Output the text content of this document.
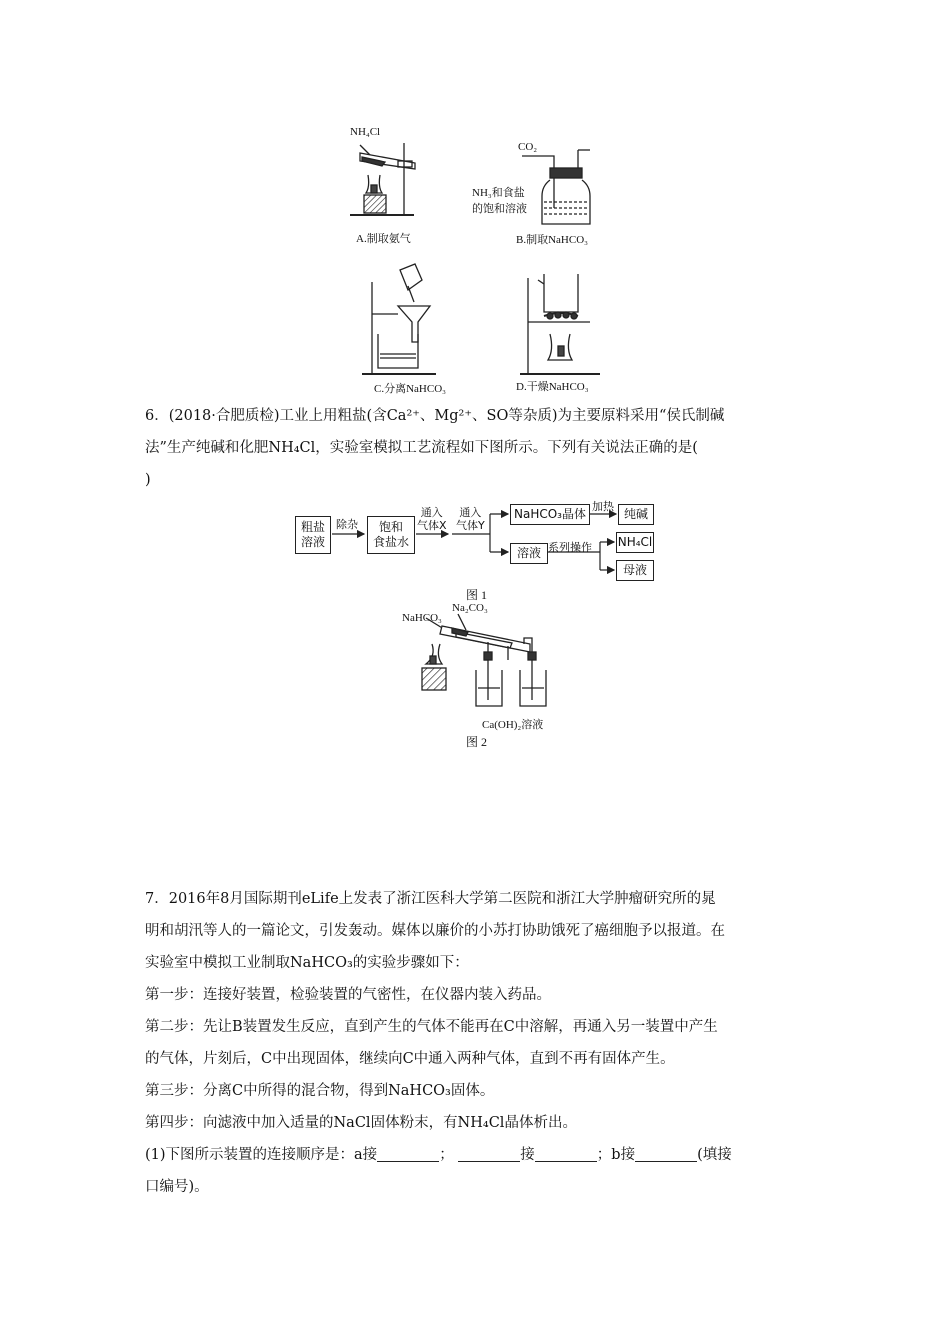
NH₄Cl
A.制取氨气
CO₂
NH₃和食盐
的饱和溶液
B.制取NaHCO₃
C.分离NaHCO₃	D.干燥NaHCO₃
6．(2018·合肥质检)工业上用粗盐(含Ca²⁺、Mg²⁺、SO等杂质)为主要原料采用“侯氏制碱
法”生产纯碱和化肥NH₄Cl，实验室模拟工艺流程如下图所示。下列有关说法正确的是(
)
粗盐
溶液
除杂	饱和
食盐水
通入
气体X
通入
气体Y
NaHCO₃晶体
加热
纯碱
溶液 系列操作 NH₄Cl
母液
图 1
NaHCO₃
Na₂CO₃
Ca(OH)₂溶液
图 2
7．2016年8月国际期刊eLife上发表了浙江医科大学第二医院和浙江大学肿瘤研究所的晁
明和胡汛等人的一篇论文，引发轰动。媒体以廉价的小苏打协助饿死了癌细胞予以报道。在
实验室中模拟工业制取NaHCO₃的实验步骤如下：
第一步：连接好装置，检验装置的气密性，在仪器内装入药品。
第二步：先让B装置发生反应，直到产生的气体不能再在C中溶解，再通入另一装置中产生
的气体，片刻后，C中出现固体，继续向C中通入两种气体，直到不再有固体产生。
第三步：分离C中所得的混合物，得到NaHCO₃固体。
第四步：向滤液中加入适量的NaCl固体粉末，有NH₄Cl晶体析出。
(1)下图所示装置的连接顺序是：a接	；	接	；b接	(填接
口编号)。
